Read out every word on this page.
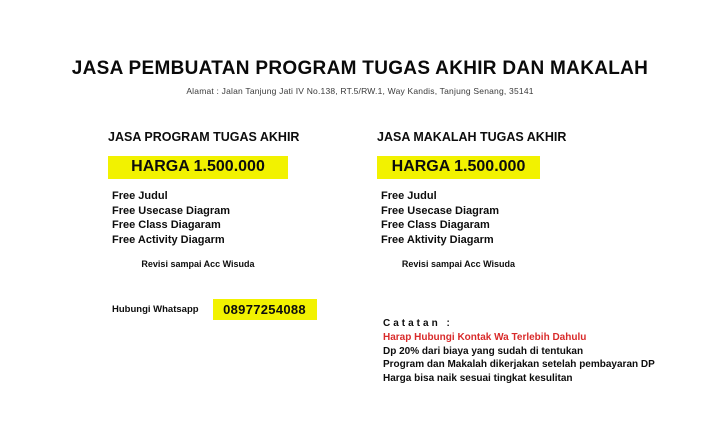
JASA PEMBUATAN PROGRAM TUGAS AKHIR DAN MAKALAH
Alamat : Jalan Tanjung Jati IV No.138, RT.5/RW.1, Way Kandis, Tanjung Senang, 35141
JASA PROGRAM TUGAS AKHIR
HARGA 1.500.000
Free Judul
Free Usecase Diagram
Free Class Diagaram
Free Activity Diagarm
Revisi sampai Acc Wisuda
JASA MAKALAH TUGAS AKHIR
HARGA 1.500.000
Free Judul
Free Usecase Diagram
Free Class Diagaram
Free Aktivity Diagarm
Revisi sampai Acc Wisuda
Hubungi Whatsapp	08977254088
Catatan :
Harap Hubungi Kontak Wa Terlebih Dahulu
Dp 20% dari biaya yang sudah di tentukan
Program dan Makalah dikerjakan setelah pembayaran DP
Harga bisa naik sesuai tingkat kesulitan
